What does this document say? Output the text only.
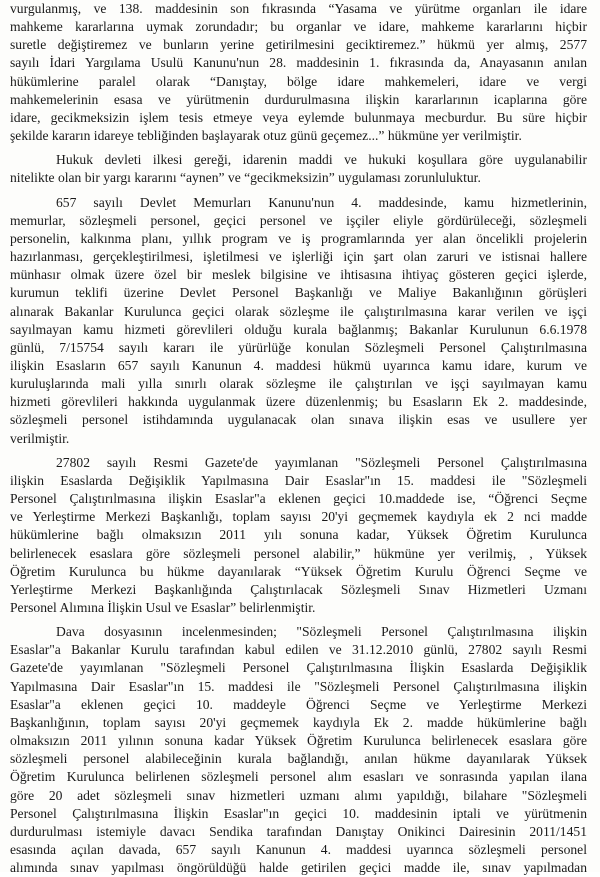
vurgulanmış, ve 138. maddesinin son fıkrasında “Yasama ve yürütme organları ile idare
mahkeme kararlarına uymak zorundadır; bu organlar ve idare, mahkeme kararlarını hiçbir
suretle değiştiremez ve bunların yerine getirilmesini geciktiremez.” hükmü yer almış, 2577
sayılı İdari Yargılama Usulü Kanunu'nun 28. maddesinin 1. fıkrasında da, Anayasanın anılan
hükümlerine paralel olarak “Danıştay, bölge idare mahkemeleri, idare ve vergi
mahkemelerinin esasa ve yürütmenin durdurulmasına ilişkin kararlarının icaplarına göre
idare, gecikmeksizin işlem tesis etmeye veya eylemde bulunmaya mecburdur. Bu süre hiçbir
şekilde kararın idareye tebliğinden başlayarak otuz günü geçemez...” hükmüne yer verilmiştir.
Hukuk devleti ilkesi gereği, idarenin maddi ve hukuki koşullara göre uygulanabilir
nitelikte olan bir yargı kararını “aynen” ve “gecikmeksizin” uygulaması zorunluluktur.
657 sayılı Devlet Memurları Kanunu'nun 4. maddesinde, kamu hizmetlerinin,
memurlar, sözleşmeli personel, geçici personel ve işçiler eliyle gördürüleceği, sözleşmeli
personelin, kalkınma planı, yıllık program ve iş programlarında yer alan öncelikli projelerin
hazırlanması, gerçekleştirilmesi, işletilmesi ve işlerliği için şart olan zaruri ve istisnai hallere
münhasır olmak üzere özel bir meslek bilgisine ve ihtisasına ihtiyaç gösteren geçici işlerde,
kurumun teklifi üzerine Devlet Personel Başkanlığı ve Maliye Bakanlığının görüşleri
alınarak Bakanlar Kurulunca geçici olarak sözleşme ile çalıştırılmasına karar verilen ve işçi
sayılmayan kamu hizmeti görevlileri olduğu kurala bağlanmış; Bakanlar Kurulunun 6.6.1978
günlü, 7/15754 sayılı kararı ile yürürlüğe konulan Sözleşmeli Personel Çalıştırılmasına
ilişkin Esasların 657 sayılı Kanunun 4. maddesi hükmü uyarınca kamu idare, kurum ve
kuruluşlarında mali yılla sınırlı olarak sözleşme ile çalıştırılan ve işçi sayılmayan kamu
hizmeti görevlileri hakkında uygulanmak üzere düzenlenmiş; bu Esasların Ek 2. maddesinde,
sözleşmeli personel istihdamında uygulanacak olan sınava ilişkin esas ve usullere yer
verilmiştir.
27802 sayılı Resmi Gazete'de yayımlanan "Sözleşmeli Personel Çalıştırılmasına
ilişkin Esaslarda Değişiklik Yapılmasına Dair Esaslar"ın 15. maddesi ile "Sözleşmeli
Personel Çalıştırılmasına ilişkin Esaslar"a eklenen geçici 10.maddede ise, “Öğrenci Seçme
ve Yerleştirme Merkezi Başkanlığı, toplam sayısı 20'yi geçmemek kaydıyla ek 2 nci madde
hükümlerine bağlı olmaksızın 2011 yılı sonuna kadar, Yüksek Öğretim Kurulunca
belirlenecek esaslara göre sözleşmeli personel alabilir,” hükmüne yer verilmiş, , Yüksek
Öğretim Kurulunca bu hükme dayanılarak “Yüksek Öğretim Kurulu Öğrenci Seçme ve
Yerleştirme Merkezi Başkanlığında Çalıştırılacak Sözleşmeli Sınav Hizmetleri Uzmanı
Personel Alımına İlişkin Usul ve Esaslar” belirlenmiştir.
Dava dosyasının incelenmesinden; "Sözleşmeli Personel Çalıştırılmasına ilişkin
Esaslar"a Bakanlar Kurulu tarafından kabul edilen ve 31.12.2010 günlü, 27802 sayılı Resmi
Gazete'de yayımlanan "Sözleşmeli Personel Çalıştırılmasına İlişkin Esaslarda Değişiklik
Yapılmasına Dair Esaslar"ın 15. maddesi ile "Sözleşmeli Personel Çalıştırılmasına ilişkin
Esaslar"a eklenen geçici 10. maddeyle Öğrenci Seçme ve Yerleştirme Merkezi
Başkanlığının, toplam sayısı 20'yi geçmemek kaydıyla Ek 2. madde hükümlerine bağlı
olmaksızın 2011 yılının sonuna kadar Yüksek Öğretim Kurulunca belirlenecek esaslara göre
sözleşmeli personel alabileceğinin kurala bağlandığı, anılan hükme dayanılarak Yüksek
Öğretim Kurulunca belirlenen sözleşmeli personel alım esasları ve sonrasında yapılan ilana
göre 20 adet sözleşmeli sınav hizmetleri uzmanı alımı yapıldığı, bilahare "Sözleşmeli
Personel Çalıştırılmasına İlişkin Esaslar"ın geçici 10. maddesinin iptali ve yürütmenin
durdurulması istemiyle davacı Sendika tarafından Danıştay Onikinci Dairesinin 2011/1451
esasında açılan davada, 657 sayılı Kanunun 4. maddesi uyarınca sözleşmeli personel
alımında sınav yapılması öngörüldüğü halde getirilen geçici madde ile, sınav yapılmadan
